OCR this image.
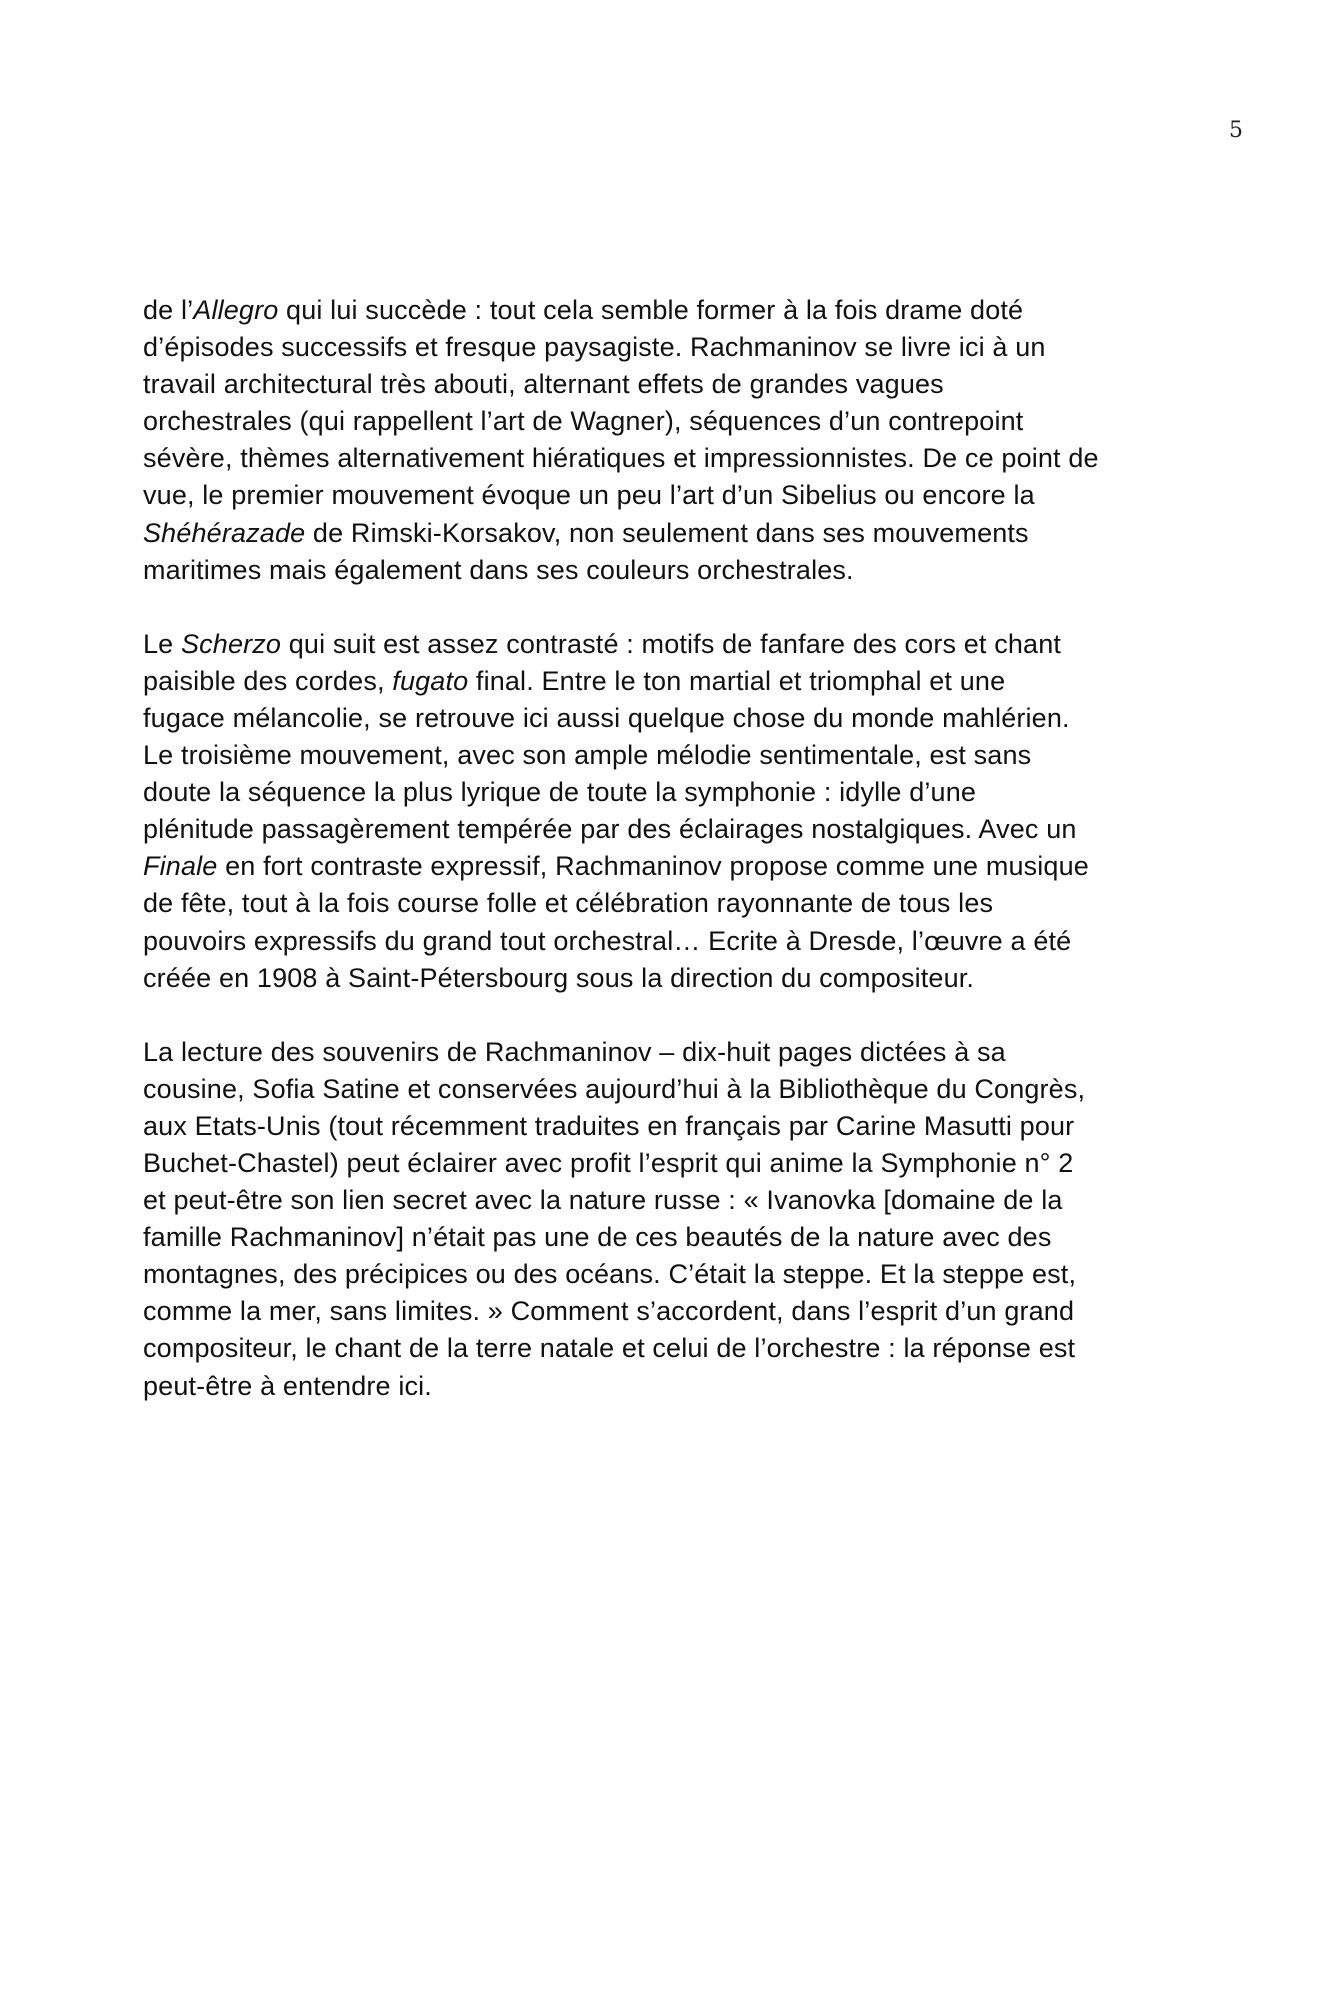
5

de l’Allegro qui lui succède : tout cela semble former à la fois drame doté
d’épisodes successifs et fresque paysagiste. Rachmaninov se livre ici à un
travail architectural très abouti, alternant effets de grandes vagues
orchestrales (qui rappellent l’art de Wagner), séquences d’un contrepoint
sévère, thèmes alternativement hiératiques et impressionnistes. De ce point de
vue, le premier mouvement évoque un peu l’art d’un Sibelius ou encore la
Shéhérazade de Rimski-Korsakov, non seulement dans ses mouvements
maritimes mais également dans ses couleurs orchestrales.

Le Scherzo qui suit est assez contrasté : motifs de fanfare des cors et chant
paisible des cordes, fugato final. Entre le ton martial et triomphal et une
fugace mélancolie, se retrouve ici aussi quelque chose du monde mahlérien.
Le troisième mouvement, avec son ample mélodie sentimentale, est sans
doute la séquence la plus lyrique de toute la symphonie : idylle d’une
plénitude passagèrement tempérée par des éclairages nostalgiques. Avec un
Finale en fort contraste expressif, Rachmaninov propose comme une musique
de fête, tout à la fois course folle et célébration rayonnante de tous les
pouvoirs expressifs du grand tout orchestral… Ecrite à Dresde, l’œuvre a été
créée en 1908 à Saint-Pétersbourg sous la direction du compositeur.

La lecture des souvenirs de Rachmaninov – dix-huit pages dictées à sa
cousine, Sofia Satine et conservées aujourd’hui à la Bibliothèque du Congrès,
aux Etats-Unis (tout récemment traduites en français par Carine Masutti pour
Buchet-Chastel) peut éclairer avec profit l’esprit qui anime la Symphonie n° 2
et peut-être son lien secret avec la nature russe : « Ivanovka [domaine de la
famille Rachmaninov] n’était pas une de ces beautés de la nature avec des
montagnes, des précipices ou des océans. C’était la steppe. Et la steppe est,
comme la mer, sans limites. » Comment s’accordent, dans l’esprit d’un grand
compositeur, le chant de la terre natale et celui de l’orchestre : la réponse est
peut-être à entendre ici.
